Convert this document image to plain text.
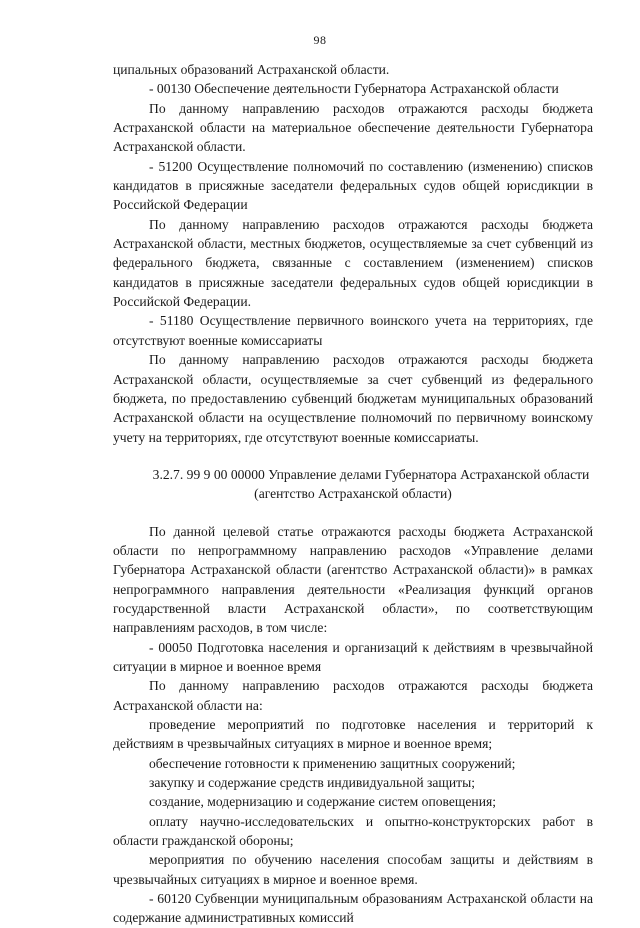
98

ципальных образований Астраханской области.

- 00130 Обеспечение деятельности Губернатора Астраханской области

По данному направлению расходов отражаются расходы бюджета Астраханской области на материальное обеспечение деятельности Губернатора Астраханской области.

- 51200 Осуществление полномочий по составлению (изменению) списков кандидатов в присяжные заседатели федеральных судов общей юрисдикции в Российской Федерации

По данному направлению расходов отражаются расходы бюджета Астраханской области, местных бюджетов, осуществляемые за счет субвенций из федерального бюджета, связанные с составлением (изменением) списков кандидатов в присяжные заседатели федеральных судов общей юрисдикции в Российской Федерации.

- 51180 Осуществление первичного воинского учета на территориях, где отсутствуют военные комиссариаты

По данному направлению расходов отражаются расходы бюджета Астраханской области, осуществляемые за счет субвенций из федерального бюджета, по предоставлению субвенций бюджетам муниципальных образований Астраханской области на осуществление полномочий по первичному воинскому учету на территориях, где отсутствуют военные комиссариаты.

3.2.7. 99 9 00 00000 Управление делами Губернатора Астраханской области
(агентство Астраханской области)

По данной целевой статье отражаются расходы бюджета Астраханской области по непрограммному направлению расходов «Управление делами Губернатора Астраханской области (агентство Астраханской области)» в рамках непрограммного направления деятельности «Реализация функций органов государственной власти Астраханской области», по соответствующим направлениям расходов, в том числе:

- 00050 Подготовка населения и организаций к действиям в чрезвычайной ситуации в мирное и военное время

По данному направлению расходов отражаются расходы бюджета Астраханской области на:

проведение мероприятий по подготовке населения и территорий к действиям в чрезвычайных ситуациях в мирное и военное время;

обеспечение готовности к применению защитных сооружений;

закупку и содержание средств индивидуальной защиты;

создание, модернизацию и содержание систем оповещения;

оплату научно-исследовательских и опытно-конструкторских работ в области гражданской обороны;

мероприятия по обучению населения способам защиты и действиям в чрезвычайных ситуациях в мирное и военное время.

- 60120 Субвенции муниципальным образованиям Астраханской области на содержание административных комиссий
